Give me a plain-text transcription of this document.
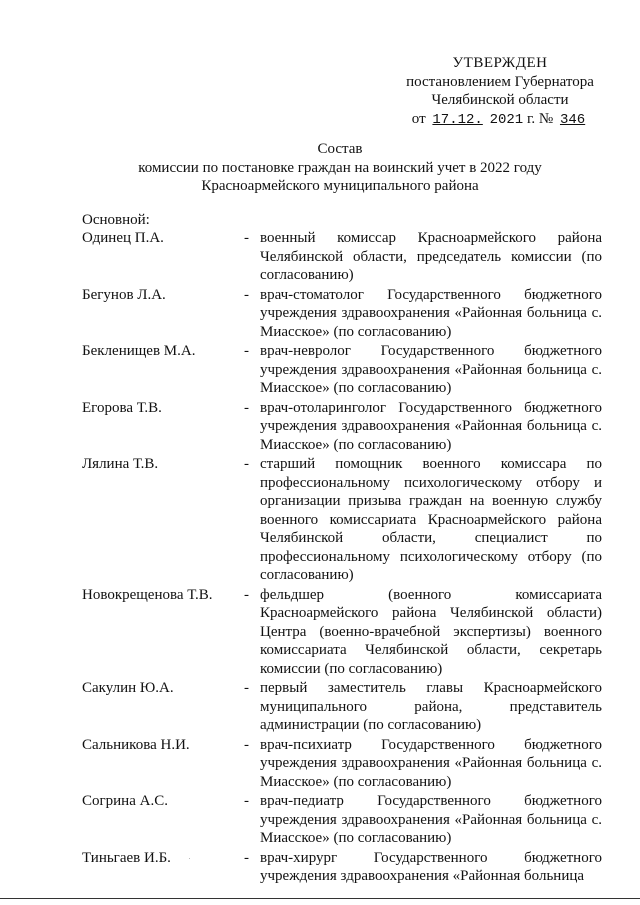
УТВЕРЖДЕН
постановлением Губернатора
Челябинской области
от 17.12. 2021 г. № 346
Состав
комиссии по постановке граждан на воинский учет в 2022 году
Красноармейского муниципального района
Основной:
Одинец П.А.	- военный комиссар Красноармейского района Челябинской области, председатель комиссии (по согласованию)
Бегунов Л.А.	- врач-стоматолог Государственного бюджетного учреждения здравоохранения «Районная больница с. Миасское» (по согласованию)
Бекленищев М.А.	- врач-невролог Государственного бюджетного учреждения здравоохранения «Районная больница с. Миасское» (по согласованию)
Егорова Т.В.	- врач-отоларинголог Государственного бюджетного учреждения здравоохранения «Районная больница с. Миасское» (по согласованию)
Лялина Т.В.	- старший помощник военного комиссара по профессиональному психологическому отбору и организации призыва граждан на военную службу военного комиссариата Красноармейского района Челябинской области, специалист по профессиональному психологическому отбору (по согласованию)
Новокрещенова Т.В.	- фельдшер (военного комиссариата Красноармейского района Челябинской области) Центра (военно-врачебной экспертизы) военного комиссариата Челябинской области, секретарь комиссии (по согласованию)
Сакулин Ю.А.	- первый заместитель главы Красноармейского муниципального района, представитель администрации (по согласованию)
Сальникова Н.И.	- врач-психиатр Государственного бюджетного учреждения здравоохранения «Районная больница с. Миасское» (по согласованию)
Согрина А.С.	- врач-педиатр Государственного бюджетного учреждения здравоохранения «Районная больница с. Миасское» (по согласованию)
Тиньгаев И.Б.	- врач-хирург Государственного бюджетного учреждения здравоохранения «Районная больница
